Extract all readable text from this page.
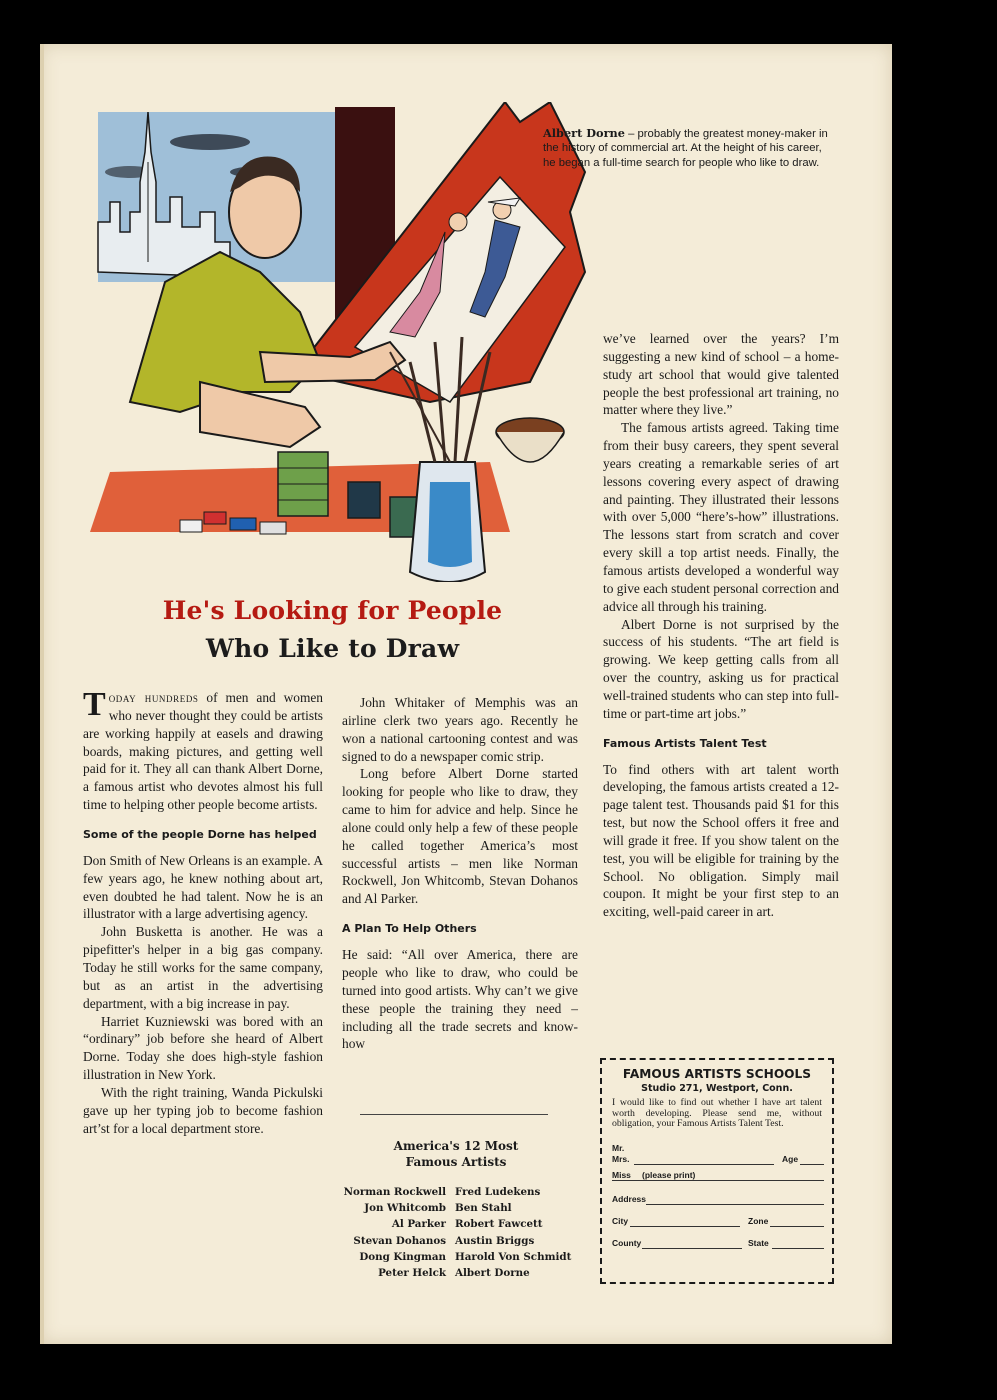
Albert Dorne – probably the greatest money-maker in the history of commercial art. At the height of his career, he began a full-time search for people who like to draw.
He's Looking for People
Who Like to Draw

Today hundreds of men and women who never thought they could be artists are working happily at easels and drawing boards, making pictures, and getting well paid for it. They all can thank Albert Dorne, a famous artist who devotes almost his full time to helping other people become artists.

Some of the people Dorne has helped

Don Smith of New Orleans is an example. A few years ago, he knew nothing about art, even doubted he had talent. Now he is an illustrator with a large advertising agency.

John Busketta is another. He was a pipefitter's helper in a big gas company. Today he still works for the same company, but as an artist in the advertising department, with a big increase in pay.

Harriet Kuzniewski was bored with an “ordinary” job before she heard of Albert Dorne. Today she does high-style fashion illustration in New York.

With the right training, Wanda Pickulski gave up her typing job to become fashion art’st for a local department store.

John Whitaker of Memphis was an airline clerk two years ago. Recently he won a national cartooning contest and was signed to do a newspaper comic strip.

Long before Albert Dorne started looking for people who like to draw, they came to him for advice and help. Since he alone could only help a few of these people he called together America’s most successful artists – men like Norman Rockwell, Jon Whitcomb, Stevan Dohanos and Al Parker.

A Plan To Help Others

He said: “All over America, there are people who like to draw, who could be turned into good artists. Why can’t we give these people the training they need – including all the trade secrets and know-how

America's 12 Most
Famous Artists
Norman Rockwell
Jon Whitcomb
Al Parker
Stevan Dohanos
Dong Kingman
Peter Helck
Fred Ludekens
Ben Stahl
Robert Fawcett
Austin Briggs
Harold Von Schmidt
Albert Dorne

we’ve learned over the years? I’m suggesting a new kind of school – a home-study art school that would give talented people the best professional art training, no matter where they live.”

The famous artists agreed. Taking time from their busy careers, they spent several years creating a remarkable series of art lessons covering every aspect of drawing and painting. They illustrated their lessons with over 5,000 “here’s-how” illustrations. The lessons start from scratch and cover every skill a top artist needs. Finally, the famous artists developed a wonderful way to give each student personal correction and advice all through his training.

Albert Dorne is not surprised by the success of his students. “The art field is growing. We keep getting calls from all over the country, asking us for practical well-trained students who can step into full-time or part-time art jobs.”

Famous Artists Talent Test

To find others with art talent worth developing, the famous artists created a 12-page talent test. Thousands paid $1 for this test, but now the School offers it free and will grade it free. If you show talent on the test, you will be eligible for training by the School. No obligation. Simply mail coupon. It might be your first step to an exciting, well-paid career in art.

FAMOUS ARTISTS SCHOOLS
Studio 271, Westport, Conn.
I would like to find out whether I have art talent worth developing. Please send me, without obligation, your Famous Artists Talent Test.
Mr.
Mrs.	Age
Miss (please print)
Address
City	Zone
County	State
